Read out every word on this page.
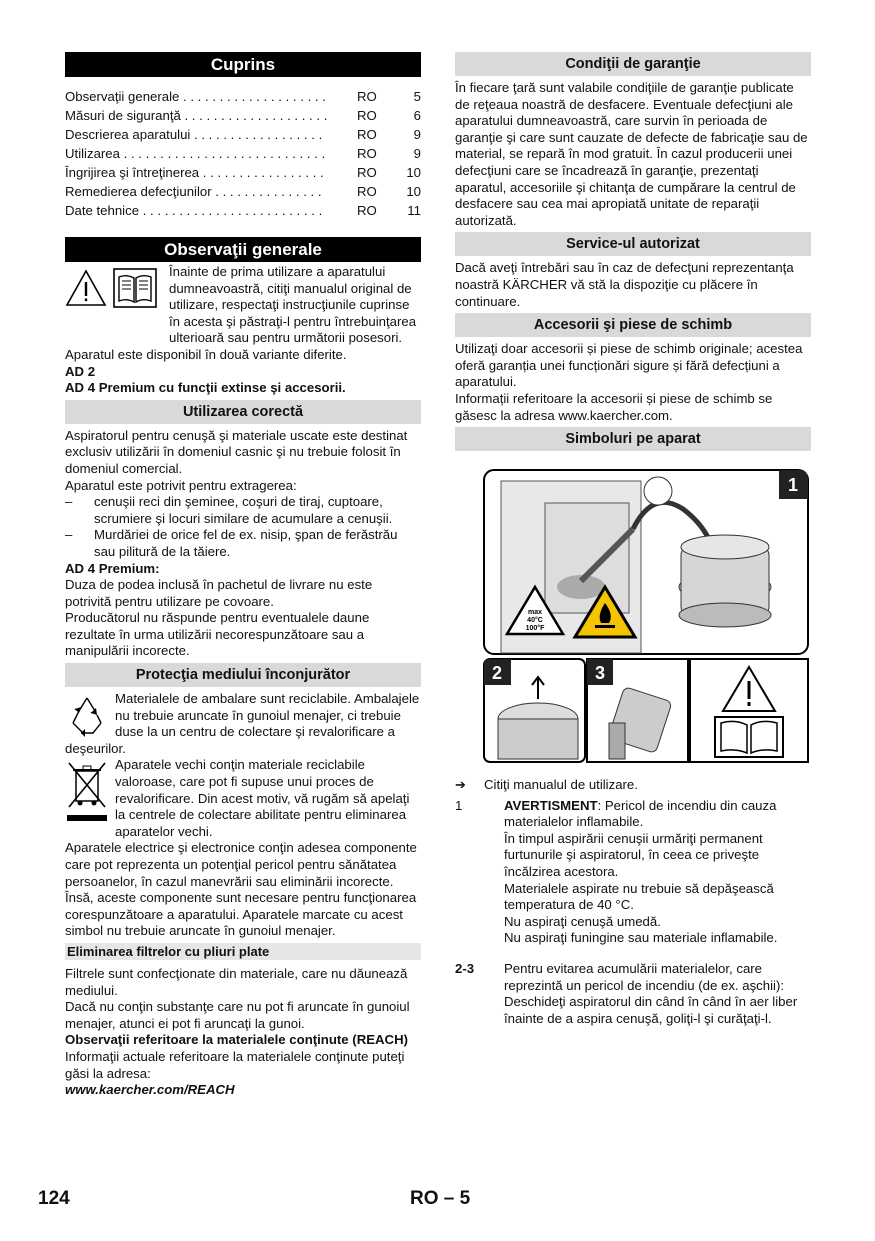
Cuprins
Observaţii generale . . . . . . . . . . . . . . . . . . . .	RO	5
Măsuri de siguranţă . . . . . . . . . . . . . . . . . . . .	RO	6
Descrierea aparatului . . . . . . . . . . . . . . . . . .	RO	9
Utilizarea . . . . . . . . . . . . . . . . . . . . . . . . . . . .	RO	9
Îngrijirea şi întreţinerea . . . . . . . . . . . . . . . . .	RO	10
Remedierea defecţiunilor . . . . . . . . . . . . . . .	RO	10
Date tehnice . . . . . . . . . . . . . . . . . . . . . . . . .	RO	11
Observaţii generale

Înainte de prima utilizare a aparatului dumneavoastră, citiţi manualul original de utilizare, respectaţi instrucţiunile cuprinse în acesta şi păstraţi-l pentru întrebuinţarea ulterioară sau pentru următorii posesori.

Aparatul este disponibil în două variante diferite.

AD 2

AD 4 Premium cu funcţii extinse şi accesorii.

Utilizarea corectă

Aspiratorul pentru cenuşă şi materiale uscate este destinat exclusiv utilizării în domeniul casnic şi nu trebuie folosit în domeniul comercial.

Aparatul este potrivit pentru extragerea:

–	cenuşii reci din şeminee, coşuri de tiraj, cuptoare, scrumiere şi locuri similare de acumulare a cenuşii.
–	Murdăriei de orice fel de ex. nisip, şpan de ferăstrău sau pilitură de la tăiere.

AD 4 Premium:

Duza de podea inclusă în pachetul de livrare nu este potrivită pentru utilizare pe covoare.

Producătorul nu răspunde pentru eventualele daune rezultate în urma utilizării necorespunzătoare sau a manipulării incorecte.

Protecţia mediului înconjurător

Materialele de ambalare sunt reciclabile. Ambalajele nu trebuie aruncate în gunoiul menajer, ci trebuie duse la un centru de colectare şi revalorificare a deşeurilor.

Aparatele vechi conţin materiale reciclabile valoroase, care pot fi supuse unui proces de revalorificare. Din acest motiv, vă rugăm să apelaţi la centrele de colectare abilitate pentru eliminarea aparatelor vechi.

Aparatele electrice şi electronice conţin adesea componente care pot reprezenta un potenţial pericol pentru sănătatea persoanelor, în cazul manevrării sau eliminării incorecte. Însă, aceste componente sunt necesare pentru funcţionarea corespunzătoare a aparatului. Aparatele marcate cu acest simbol nu trebuie aruncate în gunoiul menajer.

Eliminarea filtrelor cu pliuri plate

Filtrele sunt confecţionate din materiale, care nu dăunează mediului.

Dacă nu conţin substanţe care nu pot fi aruncate în gunoiul menajer, atunci ei pot fi aruncaţi la gunoi.

Observaţii referitoare la materialele conţinute (REACH)

Informaţii actuale referitoare la materialele conţinute puteţi găsi la adresa:

www.kaercher.com/REACH

Condiţii de garanţie

În fiecare ţară sunt valabile condiţiile de garanţie publicate de reţeaua noastră de desfacere. Eventuale defecţiuni ale aparatului dumneavoastră, care survin în perioada de garanţie şi care sunt cauzate de defecte de fabricaţie sau de material, se repară în mod gratuit. În cazul producerii unei defecţiuni care se încadrează în garanţie, prezentaţi aparatul, accesoriile şi chitanţa de cumpărare la centrul de desfacere sau cea mai apropiată unitate de reparaţii autorizată.

Service-ul autorizat

Dacă aveţi întrebări sau în caz de defecţuni reprezentanţa noastră KÄRCHER vă stă la dispoziţie cu plăcere în continuare.

Accesorii şi piese de schimb

Utilizaţi doar accesorii și piese de schimb originale; acestea oferă garanția unei funcționări sigure și fără defecțiuni a aparatului.

Informații referitoare la accesorii și piese de schimb se găsesc la adresa www.kaercher.com.

Simboluri pe aparat
1
max
40°C
100°F
2	3
➔	Citiţi manualul de utilizare.
1	AVERTISMENT: Pericol de incendiu din cauza materialelor inflamabile.

În timpul aspirării cenuşii urmăriţi permanent furtunurile şi aspiratorul, în ceea ce priveşte încălzirea acestora.

Materialele aspirate nu trebuie să depăşească temperatura de 40 °C.

Nu aspiraţi cenuşă umedă.

Nu aspiraţi funingine sau materiale inflamabile.

2-3	Pentru evitarea acumulării materialelor, care reprezintă un pericol de incendiu (de ex. aşchii): Deschideţi aspiratorul din când în când în aer liber înainte de a aspira cenuşă, goliţi-l şi curăţaţi-l.

124	RO – 5
